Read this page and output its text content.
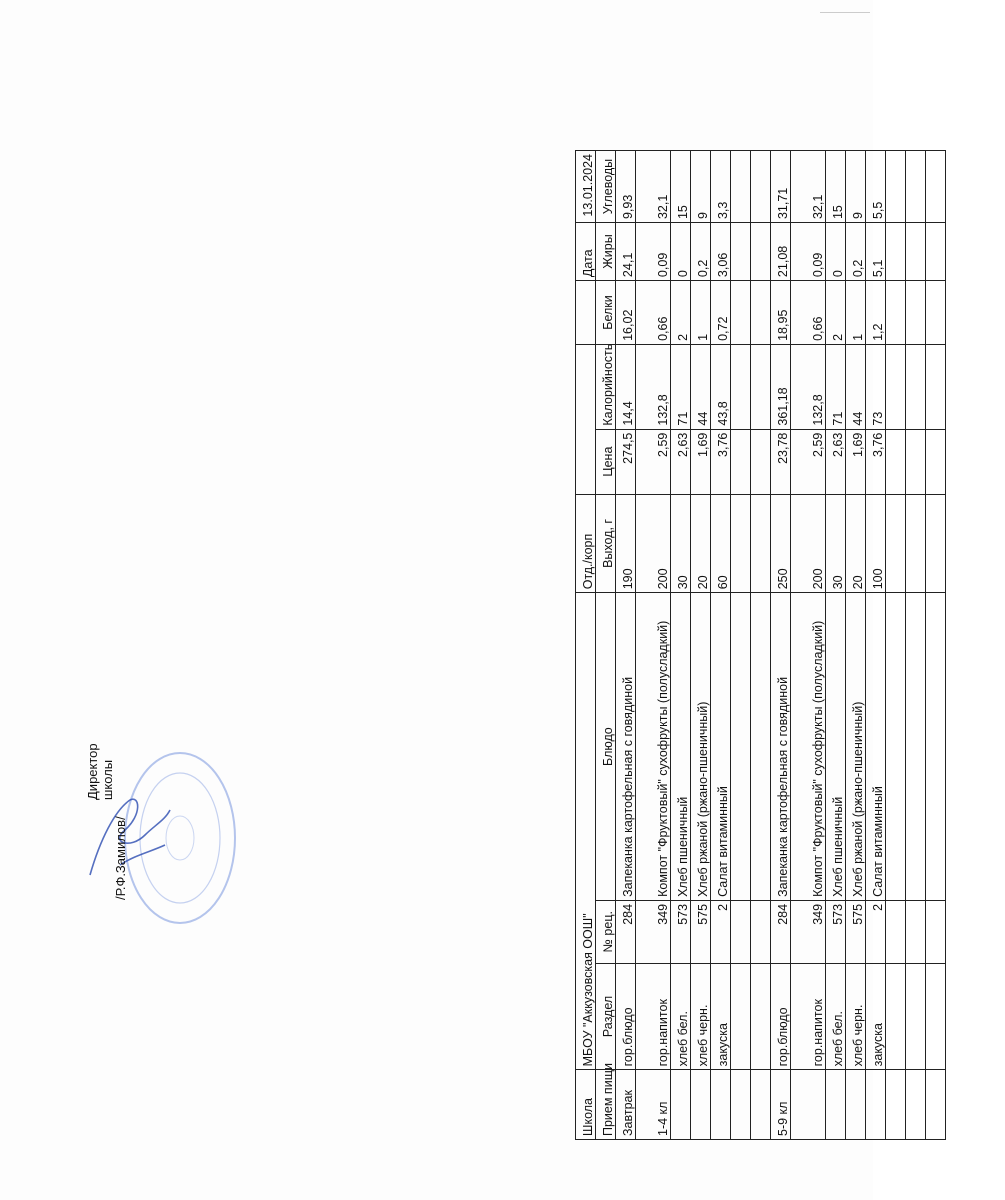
Директор школы
/Р.Ф.Замилов/
Школа	МБОУ "Аккузовская ООШ"			Отд./корп				Дата	13.01.2024
Прием пищи	Раздел	№ рец.	Блюдо	Выход, г	Цена	Калорийность	Белки	Жиры	Углеводы
Завтрак	гор.блюдо	284	Запеканка картофельная с говядиной	190	274,5	14,4	16,02	24,1	9,93
1-4 кл	гор.напиток	349	Компот "Фруктовый" сухофрукты (полусладкий)	200	2,59	132,8	0,66	0,09	32,1
	хлеб бел.	573	Хлеб пшеничный	30	2,63	71	2	0	15
	хлеб черн.	575	Хлеб ржаной (ржано-пшеничный)	20	1,69	44	1	0,2	9
	закуска	2	Салат витаминный	60	3,76	43,8	0,72	3,06	3,3

5-9 кл	гор.блюдо	284	Запеканка картофельная с говядиной	250	23,78	361,18	18,95	21,08	31,71
	гор.напиток	349	Компот "Фруктовый" сухофрукты (полусладкий)	200	2,59	132,8	0,66	0,09	32,1
	хлеб бел.	573	Хлеб пшеничный	30	2,63	71	2	0	15
	хлеб черн.	575	Хлеб ржаной (ржано-пшеничный)	20	1,69	44	1	0,2	9
	закуска	2	Салат витаминный	100	3,76	73	1,2	5,1	5,5
